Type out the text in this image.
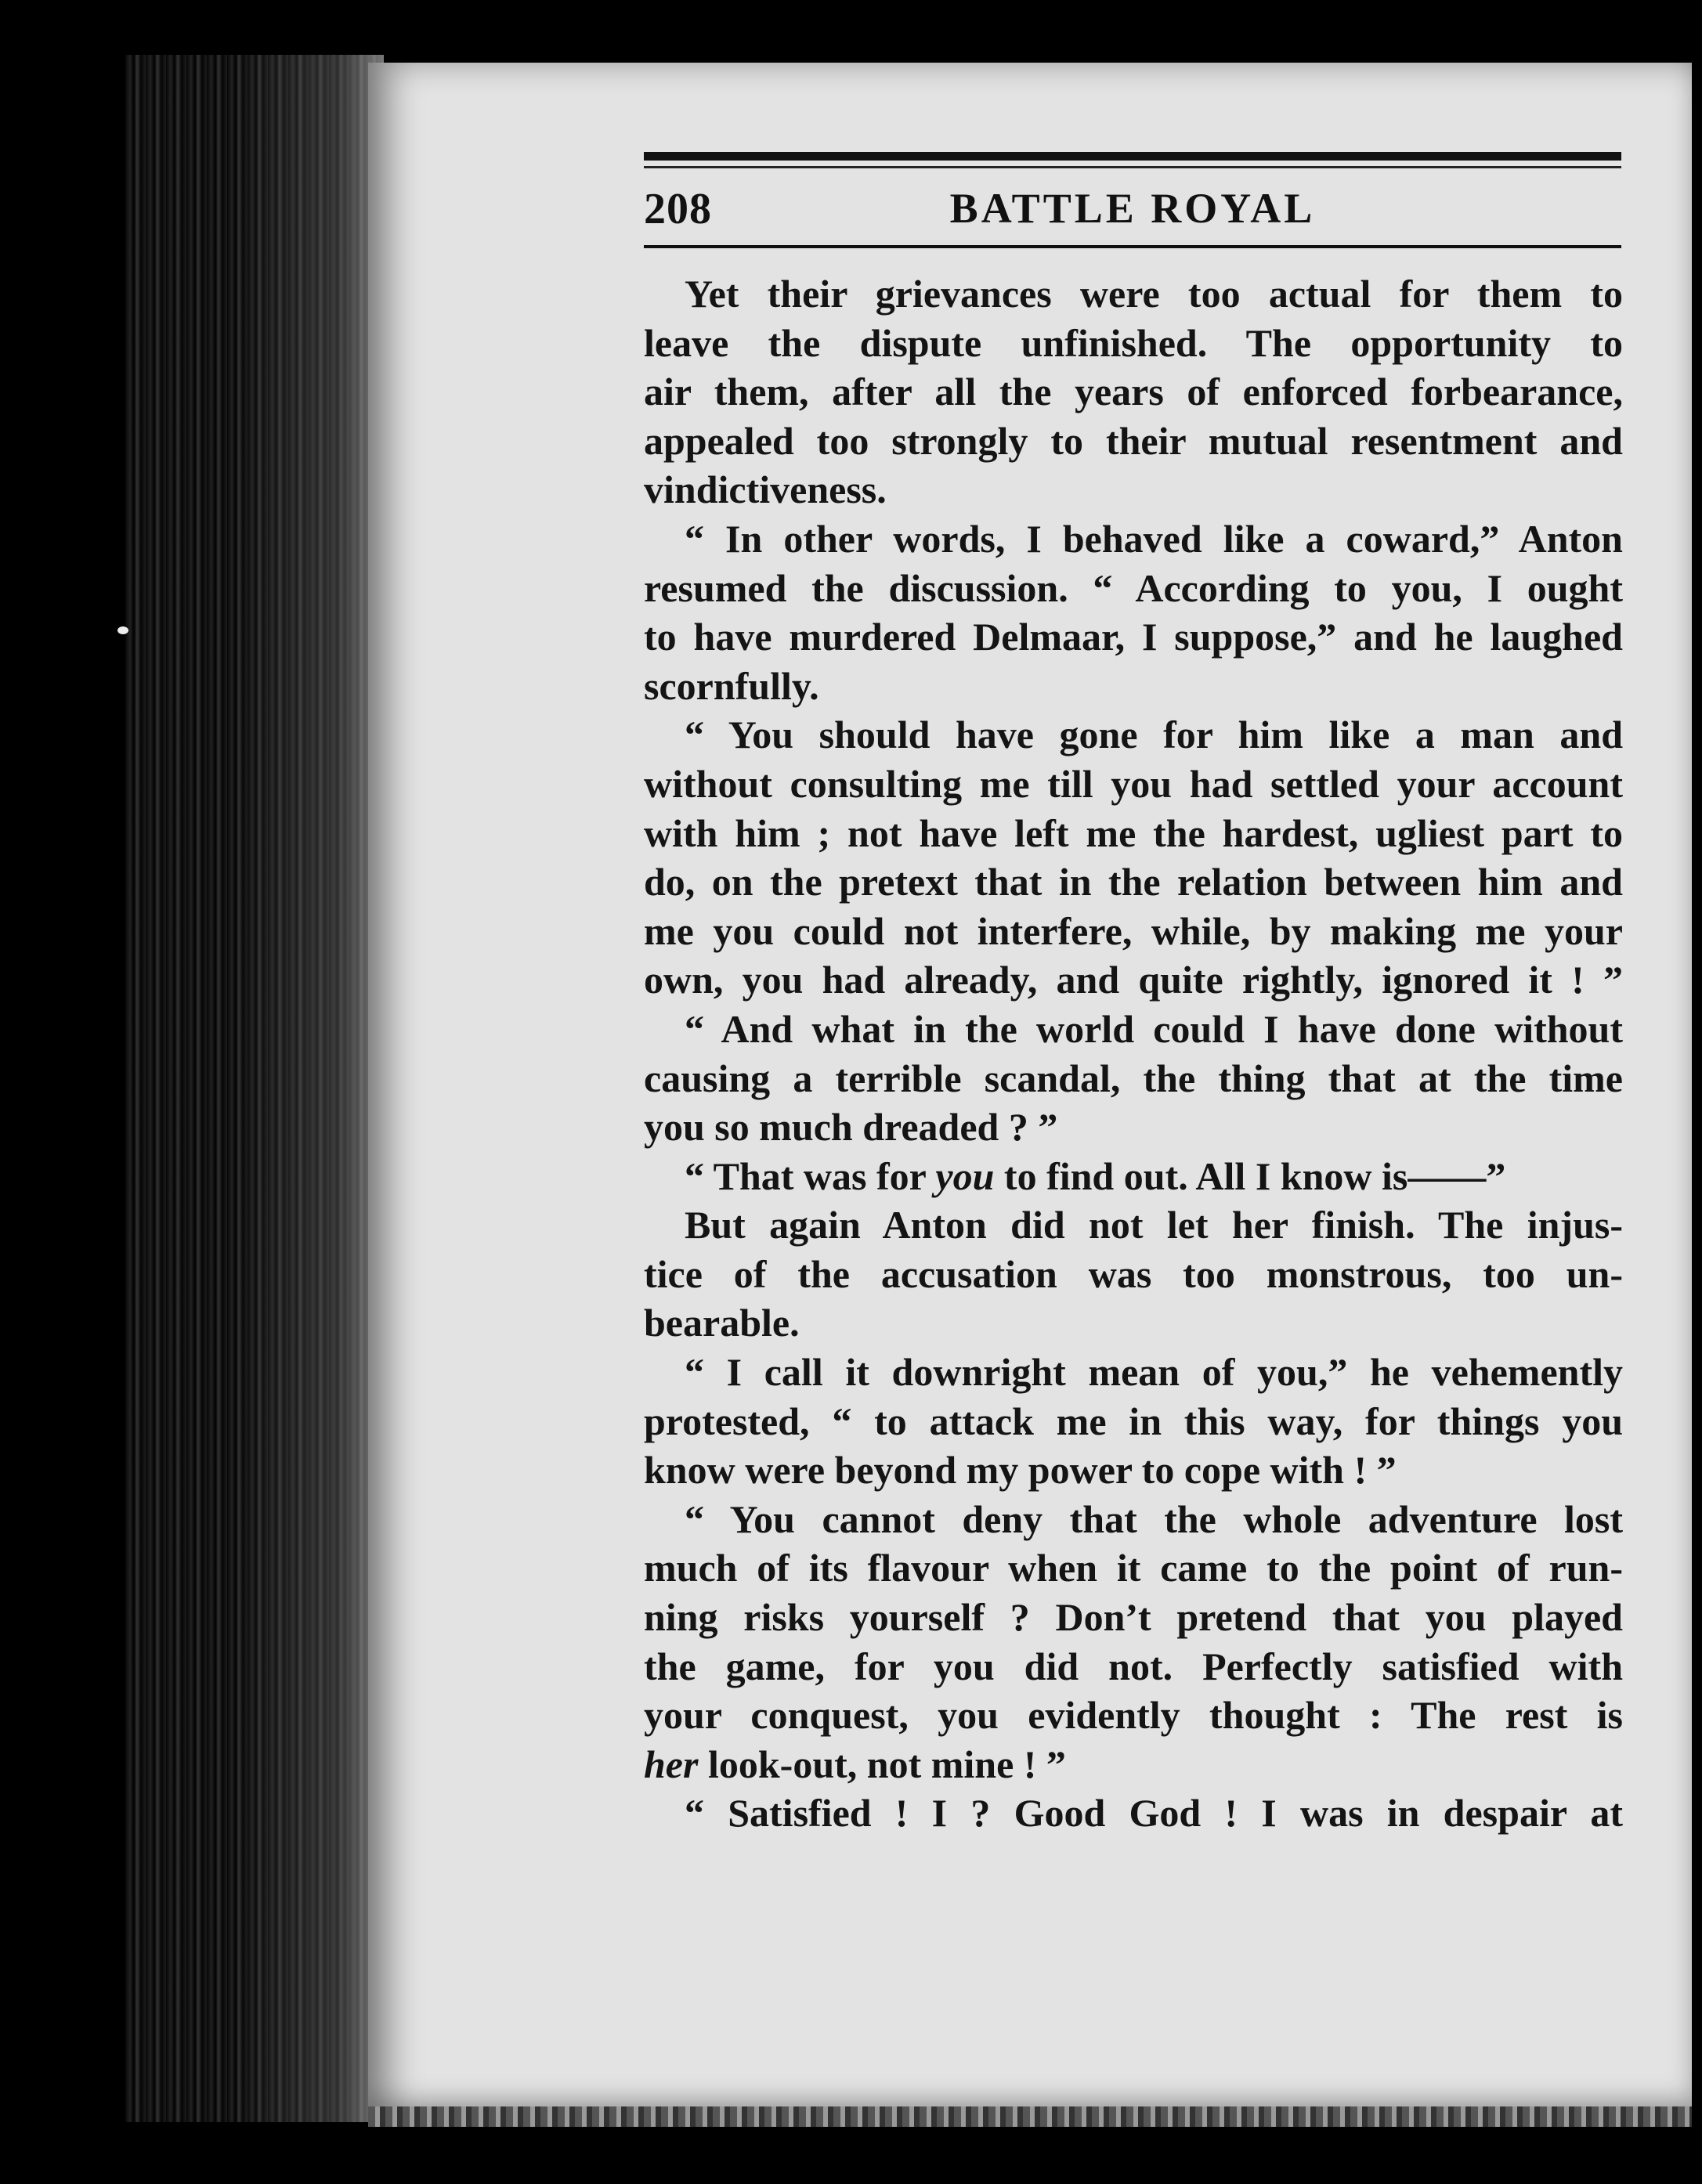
208	BATTLE ROYAL
Yet their grievances were too actual for them to
leave the dispute unfinished. The opportunity to
air them, after all the years of enforced forbearance,
appealed too strongly to their mutual resentment and
vindictiveness.
“ In other words, I behaved like a coward,” Anton
resumed the discussion. “ According to you, I ought
to have murdered Delmaar, I suppose,” and he laughed
scornfully.
“ You should have gone for him like a man and
without consulting me till you had settled your account
with him ; not have left me the hardest, ugliest part to
do, on the pretext that in the relation between him and
me you could not interfere, while, by making me your
own, you had already, and quite rightly, ignored it ! ”
“ And what in the world could I have done without
causing a terrible scandal, the thing that at the time
you so much dreaded ? ”
“ That was for you to find out. All I know is——”
But again Anton did not let her finish. The injus-
tice of the accusation was too monstrous, too un-
bearable.
“ I call it downright mean of you,” he vehemently
protested, “ to attack me in this way, for things you
know were beyond my power to cope with ! ”
“ You cannot deny that the whole adventure lost
much of its flavour when it came to the point of run-
ning risks yourself ? Don’t pretend that you played
the game, for you did not. Perfectly satisfied with
your conquest, you evidently thought : The rest is
her look-out, not mine ! ”
“ Satisfied ! I ? Good God ! I was in despair at
